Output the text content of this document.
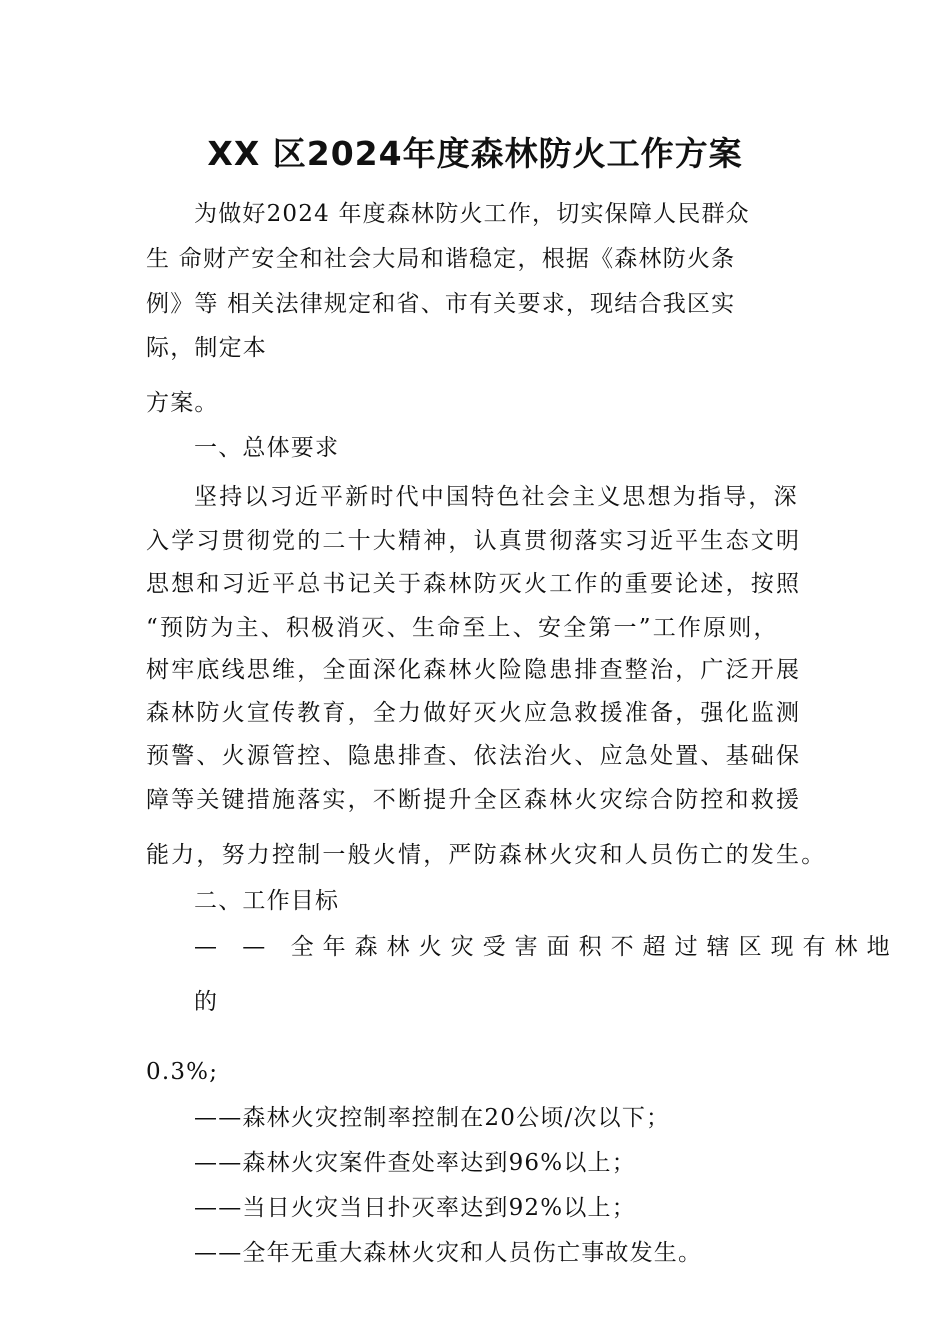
XX 区2024年度森林防火工作方案
为做好2024 年度森林防火工作，切实保障人民群众
生 命财产安全和社会大局和谐稳定，根据《森林防火条
例》等 相关法律规定和省、市有关要求，现结合我区实
际，制定本
方案。
一、总体要求
坚持以习近平新时代中国特色社会主义思想为指导，深
入学习贯彻党的二十大精神，认真贯彻落实习近平生态文明
思想和习近平总书记关于森林防灭火工作的重要论述，按照
“预防为主、积极消灭、生命至上、安全第一”工作原则，
树牢底线思维，全面深化森林火险隐患排查整治，广泛开展
森林防火宣传教育，全力做好灭火应急救援准备，强化监测
预警、火源管控、隐患排查、依法治火、应急处置、基础保
障等关键措施落实，不断提升全区森林火灾综合防控和救援
能力，努力控制一般火情，严防森林火灾和人员伤亡的发生。
二、工作目标
— — 全年森林火灾受害面积不超过辖区现有林地
的
0.3%;
——森林火灾控制率控制在20公顷/次以下；
——森林火灾案件查处率达到96%以上；
——当日火灾当日扑灭率达到92%以上；
——全年无重大森林火灾和人员伤亡事故发生。
